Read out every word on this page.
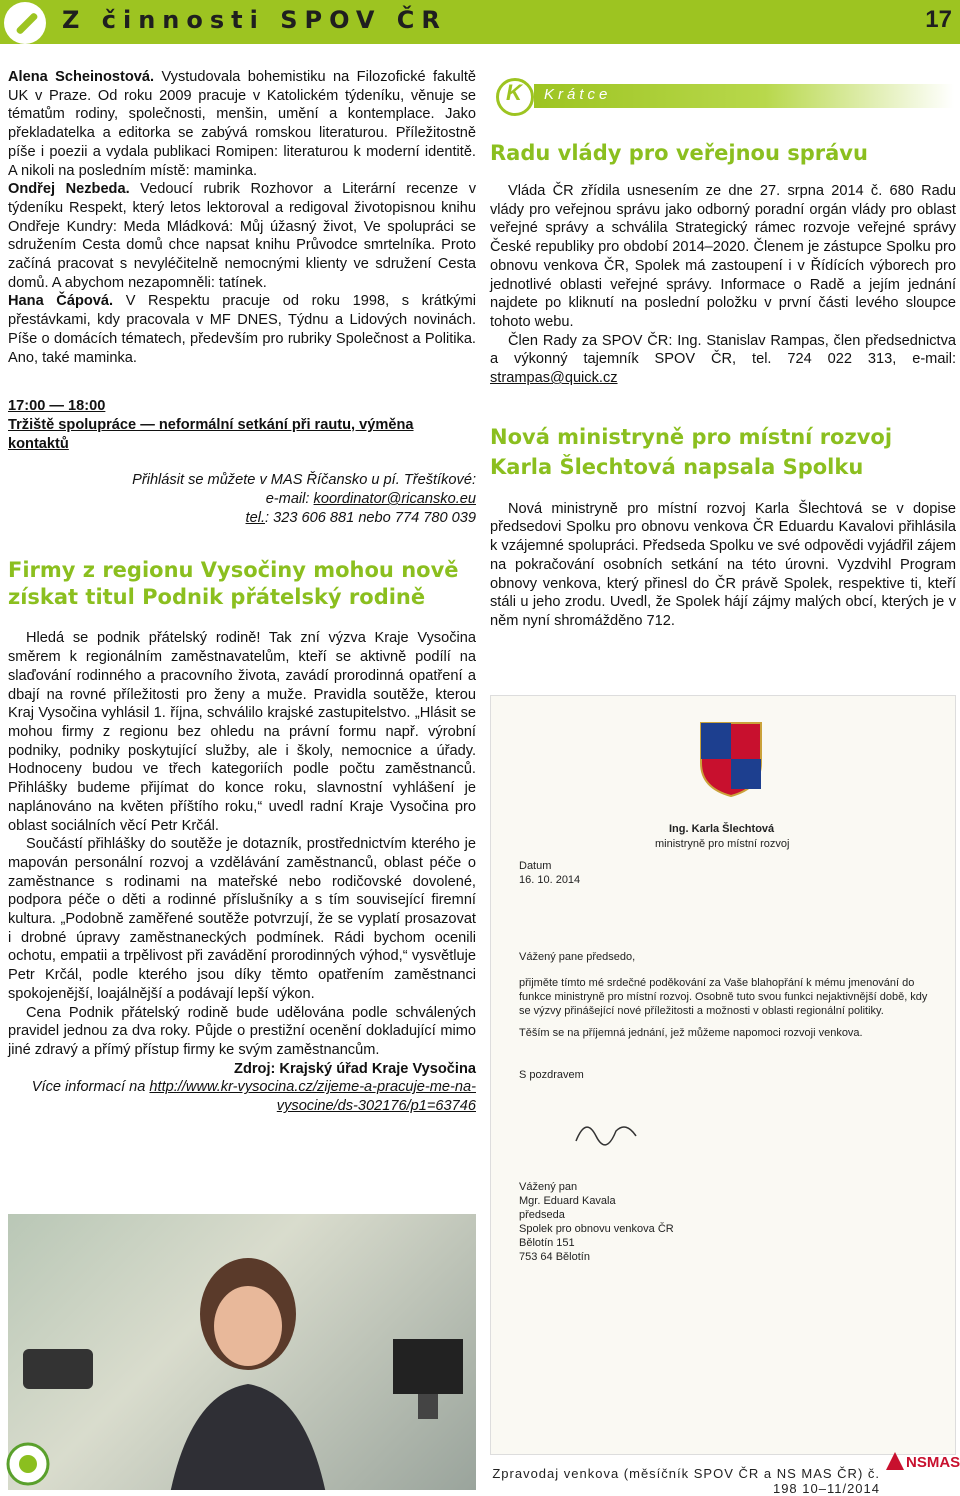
Z činnosti SPOV ČR	17

Alena Scheinostová. Vystudovala bohemistiku na Filozofické fakultě UK v Praze. Od roku 2009 pracuje v Katolickém týdeníku, věnuje se tématům rodiny, společnosti, menšin, umění a kontemplace. Jako překladatelka a editorka se zabývá romskou literaturou. Příležitostně píše i poezii a vydala publikaci Romipen: literaturou k moderní identitě. A nikoli na posledním místě: maminka.

Ondřej Nezbeda. Vedoucí rubrik Rozhovor a Literární recenze v týdeníku Respekt, který letos lektoroval a redigoval životopisnou knihu Ondřeje Kundry: Meda Mládková: Můj úžasný život, Ve spolupráci se sdružením Cesta domů chce napsat knihu Průvodce smrtelníka. Proto začíná pracovat s nevyléčitelně nemocnými klienty ve sdružení Cesta domů. A abychom nezapomněli: tatínek.

Hana Čápová. V Respektu pracuje od roku 1998, s krátkými přestávkami, kdy pracovala v MF DNES, Týdnu a Lidových novinách. Píše o domácích tématech, především pro rubriky Společnost a Politika. Ano, také maminka.

17:00 — 18:00
Tržiště spolupráce — neformální setkání při rautu, výměna kontaktů
Přihlásit se můžete v MAS Říčansko u pí. Třeštíkové:
e-mail: koordinator@ricansko.eu
tel.: 323 606 881 nebo 774 780 039
Firmy z regionu Vysočiny mohou nově získat titul Podnik přátelský rodině

Hledá se podnik přátelský rodině! Tak zní výzva Kraje Vysočina směrem k regionálním zaměstnavatelům, kteří se aktivně podílí na slaďování rodinného a pracovního života, zavádí prorodinná opatření a dbají na rovné příležitosti pro ženy a muže. Pravidla soutěže, kterou Kraj Vysočina vyhlásil 1. října, schválilo krajské zastupitelstvo. „Hlásit se mohou firmy z regionu bez ohledu na právní formu např. výrobní podniky, podniky poskytující služby, ale i školy, nemocnice a úřady. Hodnoceny budou ve třech kategoriích podle počtu zaměstnanců. Přihlášky budeme přijímat do konce roku, slavnostní vyhlášení je naplánováno na květen příštího roku,“ uvedl radní Kraje Vysočina pro oblast sociálních věcí Petr Krčál.

Součástí přihlášky do soutěže je dotazník, prostřednictvím kterého je mapován personální rozvoj a vzdělávání zaměstnanců, oblast péče o zaměstnance s rodinami na mateřské nebo rodičovské dovolené, podpora péče o děti a rodinné příslušníky a s tím související firemní kultura. „Podobně zaměřené soutěže potvrzují, že se vyplatí prosazovat i drobné úpravy zaměstnaneckých podmínek. Rádi bychom ocenili ochotu, empatii a trpělivost při zavádění prorodinných výhod,“ vysvětluje Petr Krčál, podle kterého jsou díky těmto opatřením zaměstnanci spokojenější, loajálnější a podávají lepší výkon.

Cena Podnik přátelský rodině bude udělována podle schválených pravidel jednou za dva roky. Půjde o prestižní ocenění dokladující mimo jiné zdravý a přímý přístup firmy ke svým zaměstnancům.

Zdroj: Krajský úřad Kraje Vysočina

Více informací na http://www.kr-vysocina.cz/zijeme-a-pracuje-me-na-vysocine/ds-302176/p1=63746

K Krátce
Radu vlády pro veřejnou správu

Vláda ČR zřídila usnesením ze dne 27. srpna 2014 č. 680 Radu vlády pro veřejnou správu jako odborný poradní orgán vlády pro oblast veřejné správy a schválila Strategický rámec rozvoje veřejné správy České republiky pro období 2014–2020. Členem je zástupce Spolku pro obnovu venkova ČR, Spolek má zastoupení i v Řídících výborech pro jednotlivé oblasti veřejné správy. Informace o Radě a jejím jednání najdete po kliknutí na poslední položku v první části levého sloupce tohoto webu.

Člen Rady za SPOV ČR: Ing. Stanislav Rampas, člen předsednictva a výkonný tajemník SPOV ČR, tel. 724 022 313, e-mail: strampas@quick.cz

Nová ministryně pro místní rozvoj Karla Šlechtová napsala Spolku

Nová ministryně pro místní rozvoj Karla Šlechtová se v dopise předsedovi Spolku pro obnovu venkova ČR Eduardu Kavalovi přihlásila k vzájemné spolupráci. Předseda Spolku ve své odpovědi vyjádřil zájem na pokračování osobních setkání na této úrovni. Vyzdvihl Program obnovy venkova, který přinesl do ČR právě Spolek, respektive ti, kteří stáli u jeho zrodu. Uvedl, že Spolek hájí zájmy malých obcí, kterých je v něm nyní shromážděno 712.

Ing. Karla Šlechtová
ministryně pro místní rozvoj
Datum
16. 10. 2014
Vážený pane předsedo,
přijměte tímto mé srdečné poděkování za Vaše blahopřání k mému jmenování do funkce ministryně pro místní rozvoj. Osobně tuto svou funkci nejaktivnější době, kdy se výzvy přinášející nové příležitosti a možnosti v oblasti regionální politiky.
Těším se na příjemná jednání, jež můžeme napomoci rozvoji venkova.
S pozdravem
Vážený pan
Mgr. Eduard Kavala
předseda
Spolek pro obnovu venkova ČR
Bělotín 151
753 64 Bělotín
Zpravodaj venkova (měsíčník SPOV ČR a NS MAS ČR) č. 198 10–11/2014
NSMAS
